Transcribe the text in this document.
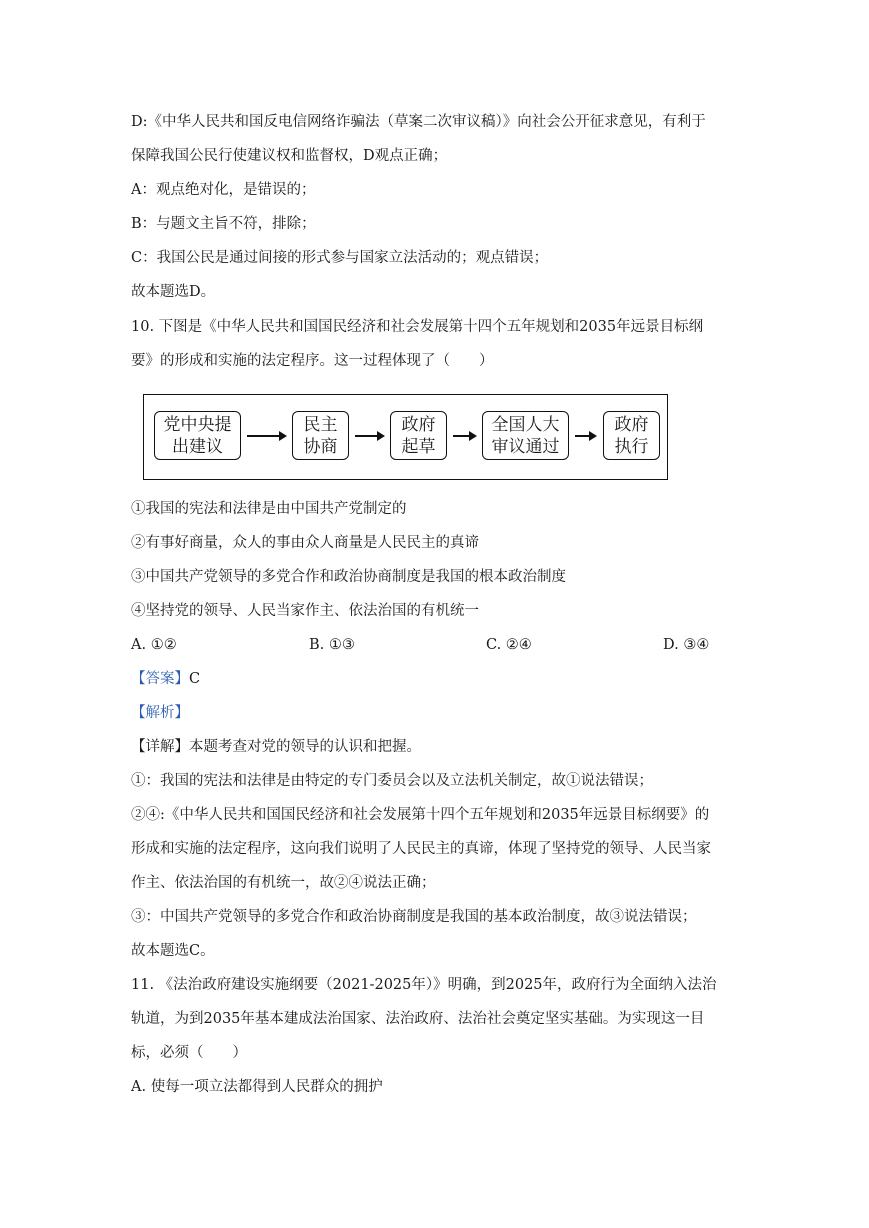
D:《中华人民共和国反电信网络诈骗法（草案二次审议稿）》向社会公开征求意见，有利于
保障我国公民行使建议权和监督权，D观点正确；
A：观点绝对化，是错误的；
B：与题文主旨不符，排除；
C：我国公民是通过间接的形式参与国家立法活动的；观点错误；
故本题选D。
10. 下图是《中华人民共和国国民经济和社会发展第十四个五年规划和2035年远景目标纲
要》的形成和实施的法定程序。这一过程体现了（　　）
党中央提
出建议
民主
协商
政府
起草
全国人大
审议通过
政府
执行
①我国的宪法和法律是由中国共产党制定的
②有事好商量，众人的事由众人商量是人民民主的真谛
③中国共产党领导的多党合作和政治协商制度是我国的根本政治制度
④坚持党的领导、人民当家作主、依法治国的有机统一
A. ①②	B. ①③	C. ②④	D. ③④
【答案】C
【解析】
【详解】本题考查对党的领导的认识和把握。
①：我国的宪法和法律是由特定的专门委员会以及立法机关制定，故①说法错误；
②④:《中华人民共和国国民经济和社会发展第十四个五年规划和2035年远景目标纲要》的
形成和实施的法定程序，这向我们说明了人民民主的真谛，体现了坚持党的领导、人民当家
作主、依法治国的有机统一，故②④说法正确；
③：中国共产党领导的多党合作和政治协商制度是我国的基本政治制度，故③说法错误；
故本题选C。
11. 《法治政府建设实施纲要（2021-2025年）》明确，到2025年，政府行为全面纳入法治
轨道，为到2035年基本建成法治国家、法治政府、法治社会奠定坚实基础。为实现这一目
标，必须（　　）
A. 使每一项立法都得到人民群众的拥护
